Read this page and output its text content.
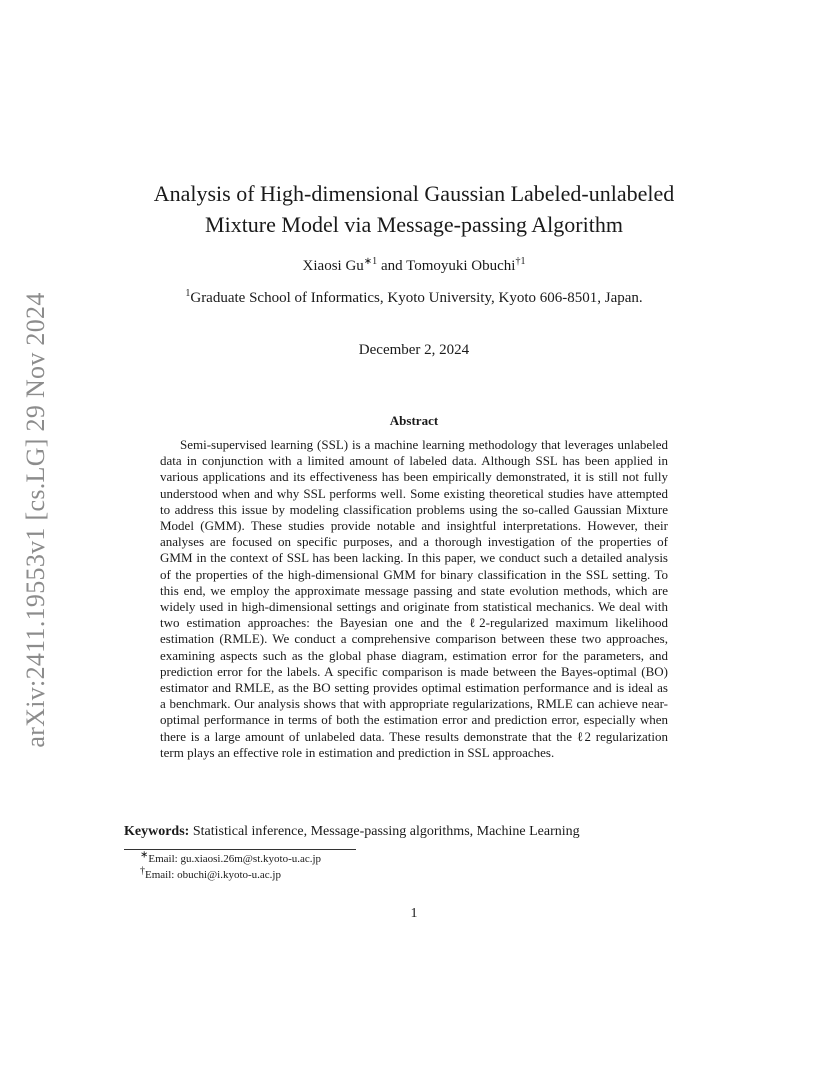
arXiv:2411.19553v1 [cs.LG] 29 Nov 2024
Analysis of High-dimensional Gaussian Labeled-unlabeled
Mixture Model via Message-passing Algorithm
Xiaosi $Gu^{∗1}$ and Tomoyuki Obuchi$^{\dagger 1}$
$^1$Graduate School of Informatics, Kyoto University, Kyoto 606-8501, Japan.
December 2, 2024
Abstract
Semi-supervised learning (SSL) is a machine learning methodology that leverages unlabeled data in conjunction with a limited amount of labeled data. Although SSL has been applied in various applications and its effectiveness has been empirically demonstrated, it is still not fully understood when and why SSL performs well. Some existing theoretical studies have attempted to address this issue by modeling classification problems using the so-called Gaussian Mixture Model (GMM). These studies provide notable and insightful interpretations. However, their analyses are focused on specific purposes, and a thorough investigation of the properties of GMM in the context of SSL has been lacking. In this paper, we conduct such a detailed analysis of the properties of the high-dimensional GMM for binary classification in the SSL setting. To this end, we employ the approximate message passing and state evolution methods, which are widely used in high-dimensional settings and originate from statistical mechanics. We deal with two estimation approaches: the Bayesian one and the ℓ2-regularized maximum likelihood estimation (RMLE). We conduct a comprehensive comparison between these two approaches, examining aspects such as the global phase diagram, estimation error for the parameters, and prediction error for the labels. A specific comparison is made between the Bayes-optimal (BO) estimator and RMLE, as the BO setting provides optimal estimation performance and is ideal as a benchmark. Our analysis shows that with appropriate regularizations, RMLE can achieve near-optimal performance in terms of both the estimation error and prediction error, especially when there is a large amount of unlabeled data. These results demonstrate that the ℓ2 regularization term plays an effective role in estimation and prediction in SSL approaches.
Keywords: Statistical inference, Message-passing algorithms, Machine Learning
∗Email: gu.xiaosi.26m@st.kyoto-u.ac.jp
†Email: obuchi@i.kyoto-u.ac.jp
1
